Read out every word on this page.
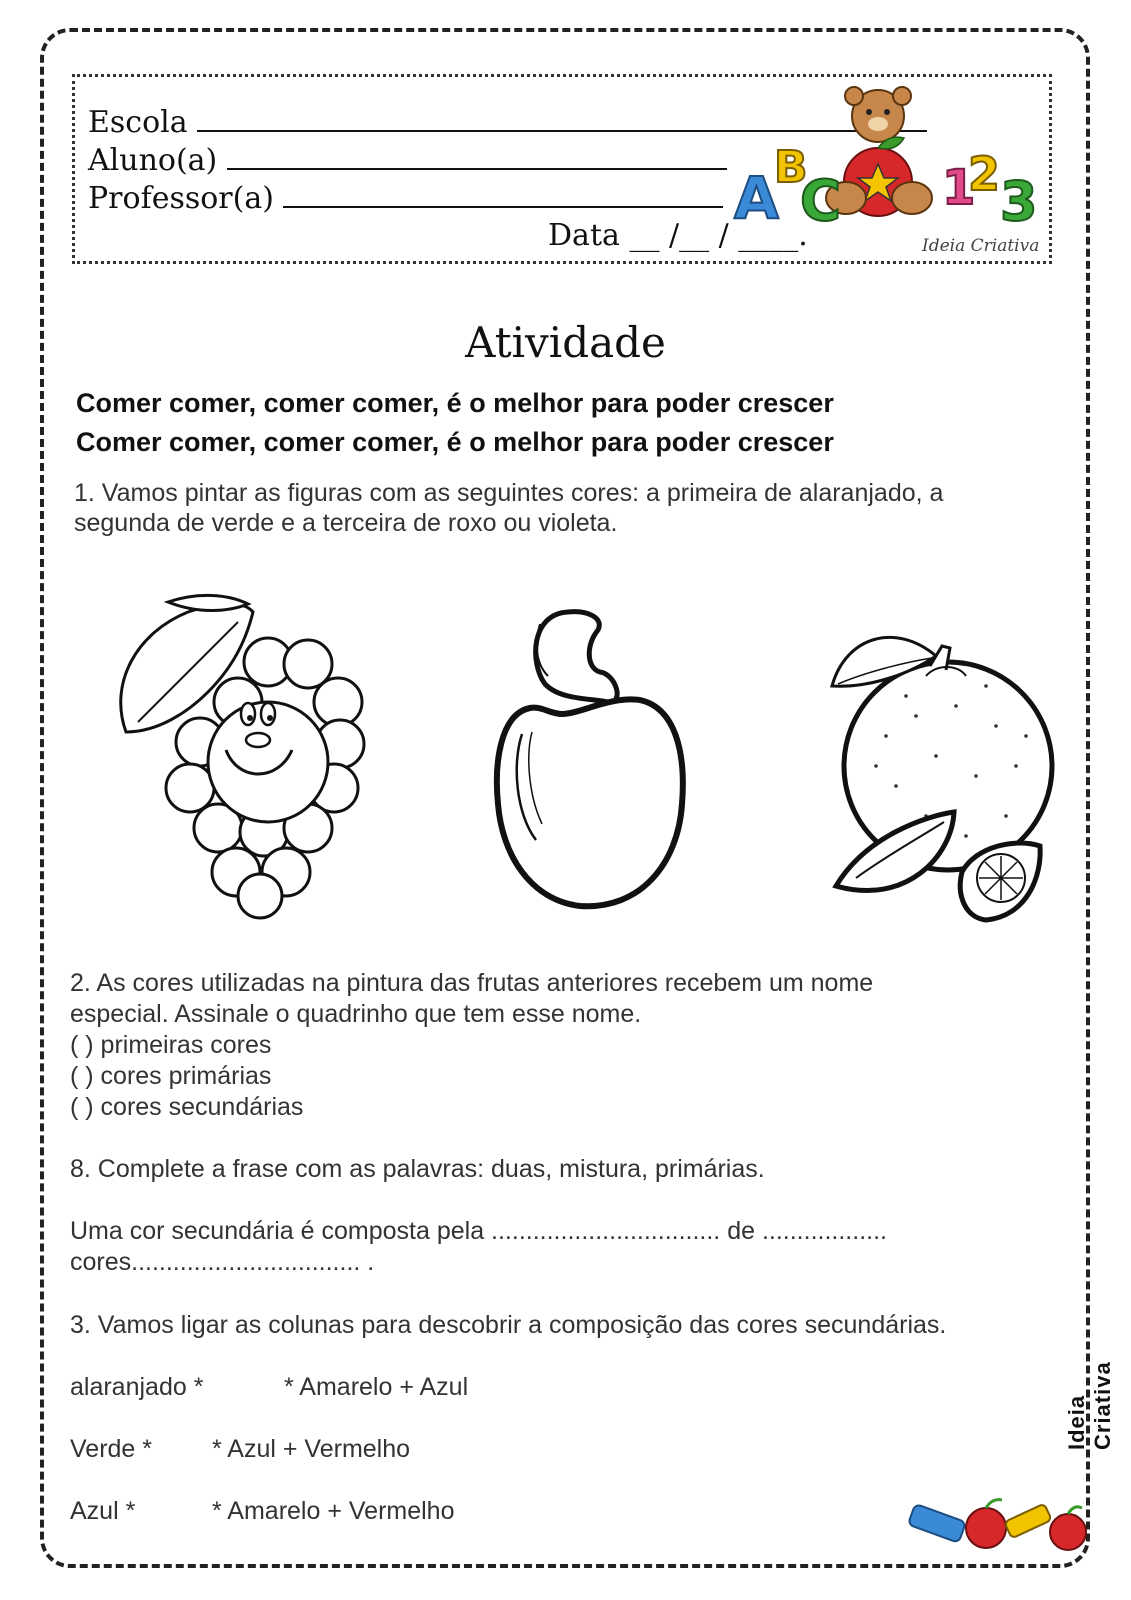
Escola
Aluno(a)
Professor(a)
Data __ /__ / ____.
A
B
C 1
2 3
Ideia Criativa
Atividade
Comer comer, comer comer, é o melhor para poder crescer
Comer comer, comer comer, é o melhor para poder crescer
1. Vamos pintar as figuras com as seguintes cores: a primeira de alaranjado, a
segunda de verde e a terceira de roxo ou violeta.
2. As cores utilizadas na pintura das frutas anteriores recebem um nome
especial. Assinale o quadrinho que tem esse nome.
( ) primeiras cores
( ) cores primárias
( ) cores secundárias
8. Complete a frase com as palavras: duas, mistura, primárias.
Uma cor secundária é composta pela ................................. de ..................
cores................................. .
3. Vamos ligar as colunas para descobrir a composição das cores secundárias.
alaranjado *	* Amarelo + Azul
Verde * * Azul + Vermelho
Azul *	* Amarelo + Vermelho
Ideia Criativa
